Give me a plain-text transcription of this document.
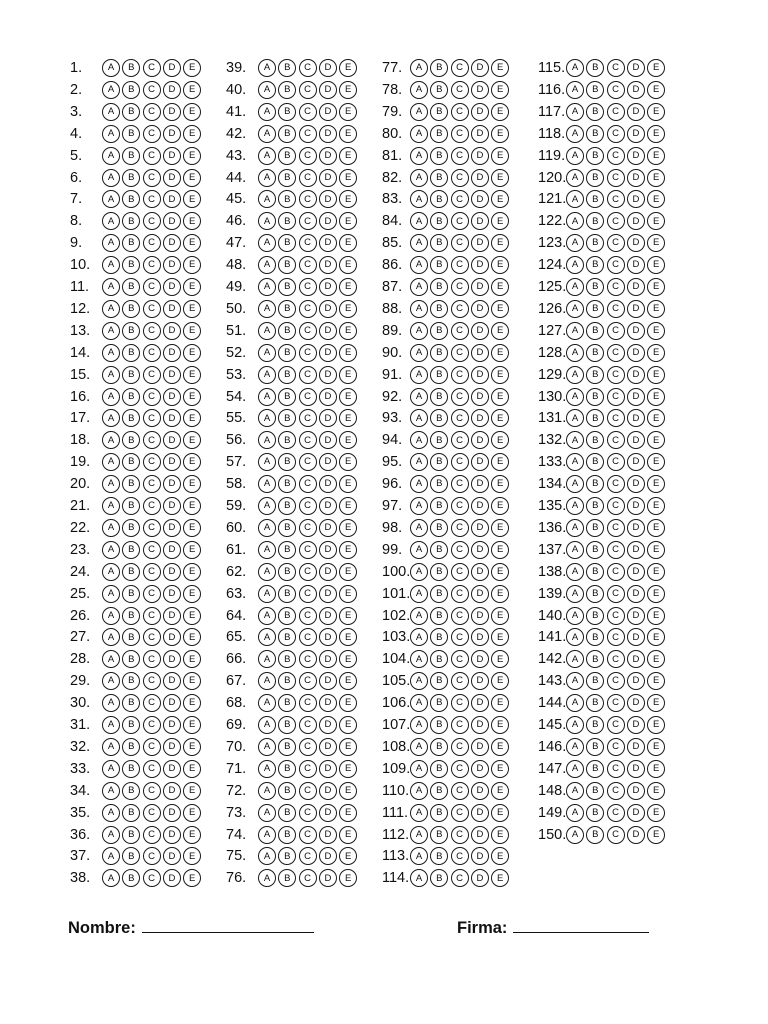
1.	A	B	C	D	E
2.	A	B	C	D	E
3.	A	B	C	D	E
4.	A	B	C	D	E
5.	A	B	C	D	E
6.	A	B	C	D	E
7.	A	B	C	D	E
8.	A	B	C	D	E
9.	A	B	C	D	E
10.	A	B	C	D	E
11.	A	B	C	D	E
12.	A	B	C	D	E
13.	A	B	C	D	E
14.	A	B	C	D	E
15.	A	B	C	D	E
16.	A	B	C	D	E
17.	A	B	C	D	E
18.	A	B	C	D	E
19.	A	B	C	D	E
20.	A	B	C	D	E
21.	A	B	C	D	E
22.	A	B	C	D	E
23.	A	B	C	D	E
24.	A	B	C	D	E
25.	A	B	C	D	E
26.	A	B	C	D	E
27.	A	B	C	D	E
28.	A	B	C	D	E
29.	A	B	C	D	E
30.	A	B	C	D	E
31.	A	B	C	D	E
32.	A	B	C	D	E
33.	A	B	C	D	E
34.	A	B	C	D	E
35.	A	B	C	D	E
36.	A	B	C	D	E
37.	A	B	C	D	E
38.	A	B	C	D	E
39.	A	B	C	D	E
40.	A	B	C	D	E
41.	A	B	C	D	E
42.	A	B	C	D	E
43.	A	B	C	D	E
44.	A	B	C	D	E
45.	A	B	C	D	E
46.	A	B	C	D	E
47.	A	B	C	D	E
48.	A	B	C	D	E
49.	A	B	C	D	E
50.	A	B	C	D	E
51.	A	B	C	D	E
52.	A	B	C	D	E
53.	A	B	C	D	E
54.	A	B	C	D	E
55.	A	B	C	D	E
56.	A	B	C	D	E
57.	A	B	C	D	E
58.	A	B	C	D	E
59.	A	B	C	D	E
60.	A	B	C	D	E
61.	A	B	C	D	E
62.	A	B	C	D	E
63.	A	B	C	D	E
64.	A	B	C	D	E
65.	A	B	C	D	E
66.	A	B	C	D	E
67.	A	B	C	D	E
68.	A	B	C	D	E
69.	A	B	C	D	E
70.	A	B	C	D	E
71.	A	B	C	D	E
72.	A	B	C	D	E
73.	A	B	C	D	E
74.	A	B	C	D	E
75.	A	B	C	D	E
76.	A	B	C	D	E
77.	A	B	C	D	E
78.	A	B	C	D	E
79.	A	B	C	D	E
80.	A	B	C	D	E
81.	A	B	C	D	E
82.	A	B	C	D	E
83.	A	B	C	D	E
84.	A	B	C	D	E
85.	A	B	C	D	E
86.	A	B	C	D	E
87.	A	B	C	D	E
88.	A	B	C	D	E
89.	A	B	C	D	E
90.	A	B	C	D	E
91.	A	B	C	D	E
92.	A	B	C	D	E
93.	A	B	C	D	E
94.	A	B	C	D	E
95.	A	B	C	D	E
96.	A	B	C	D	E
97.	A	B	C	D	E
98.	A	B	C	D	E
99.	A	B	C	D	E
100. A	B	C	D	E
101. A	B	C	D	E
102. A	B	C	D	E
103. A	B	C	D	E
104. A	B	C	D	E
105. A	B	C	D	E
106. A	B	C	D	E
107. A	B	C	D	E
108. A	B	C	D	E
109. A	B	C	D	E
110. A	B	C	D	E
111. A	B	C	D	E
112. A	B	C	D	E
113. A	B	C	D	E
114. A	B	C	D	E
115. A	B	C	D	E
116. A	B	C	D	E
117. A	B	C	D	E
118. A	B	C	D	E
119. A	B	C	D	E
120. A	B	C	D	E
121. A	B	C	D	E
122. A	B	C	D	E
123. A	B	C	D	E
124. A	B	C	D	E
125. A	B	C	D	E
126. A	B	C	D	E
127. A	B	C	D	E
128. A	B	C	D	E
129. A	B	C	D	E
130. A	B	C	D	E
131. A	B	C	D	E
132. A	B	C	D	E
133. A	B	C	D	E
134. A	B	C	D	E
135. A	B	C	D	E
136. A	B	C	D	E
137. A	B	C	D	E
138. A	B	C	D	E
139. A	B	C	D	E
140. A	B	C	D	E
141. A	B	C	D	E
142. A	B	C	D	E
143. A	B	C	D	E
144. A	B	C	D	E
145. A	B	C	D	E
146. A	B	C	D	E
147. A	B	C	D	E
148. A	B	C	D	E
149. A	B	C	D	E
150. A	B	C	D	E
Nombre:	Firma:
